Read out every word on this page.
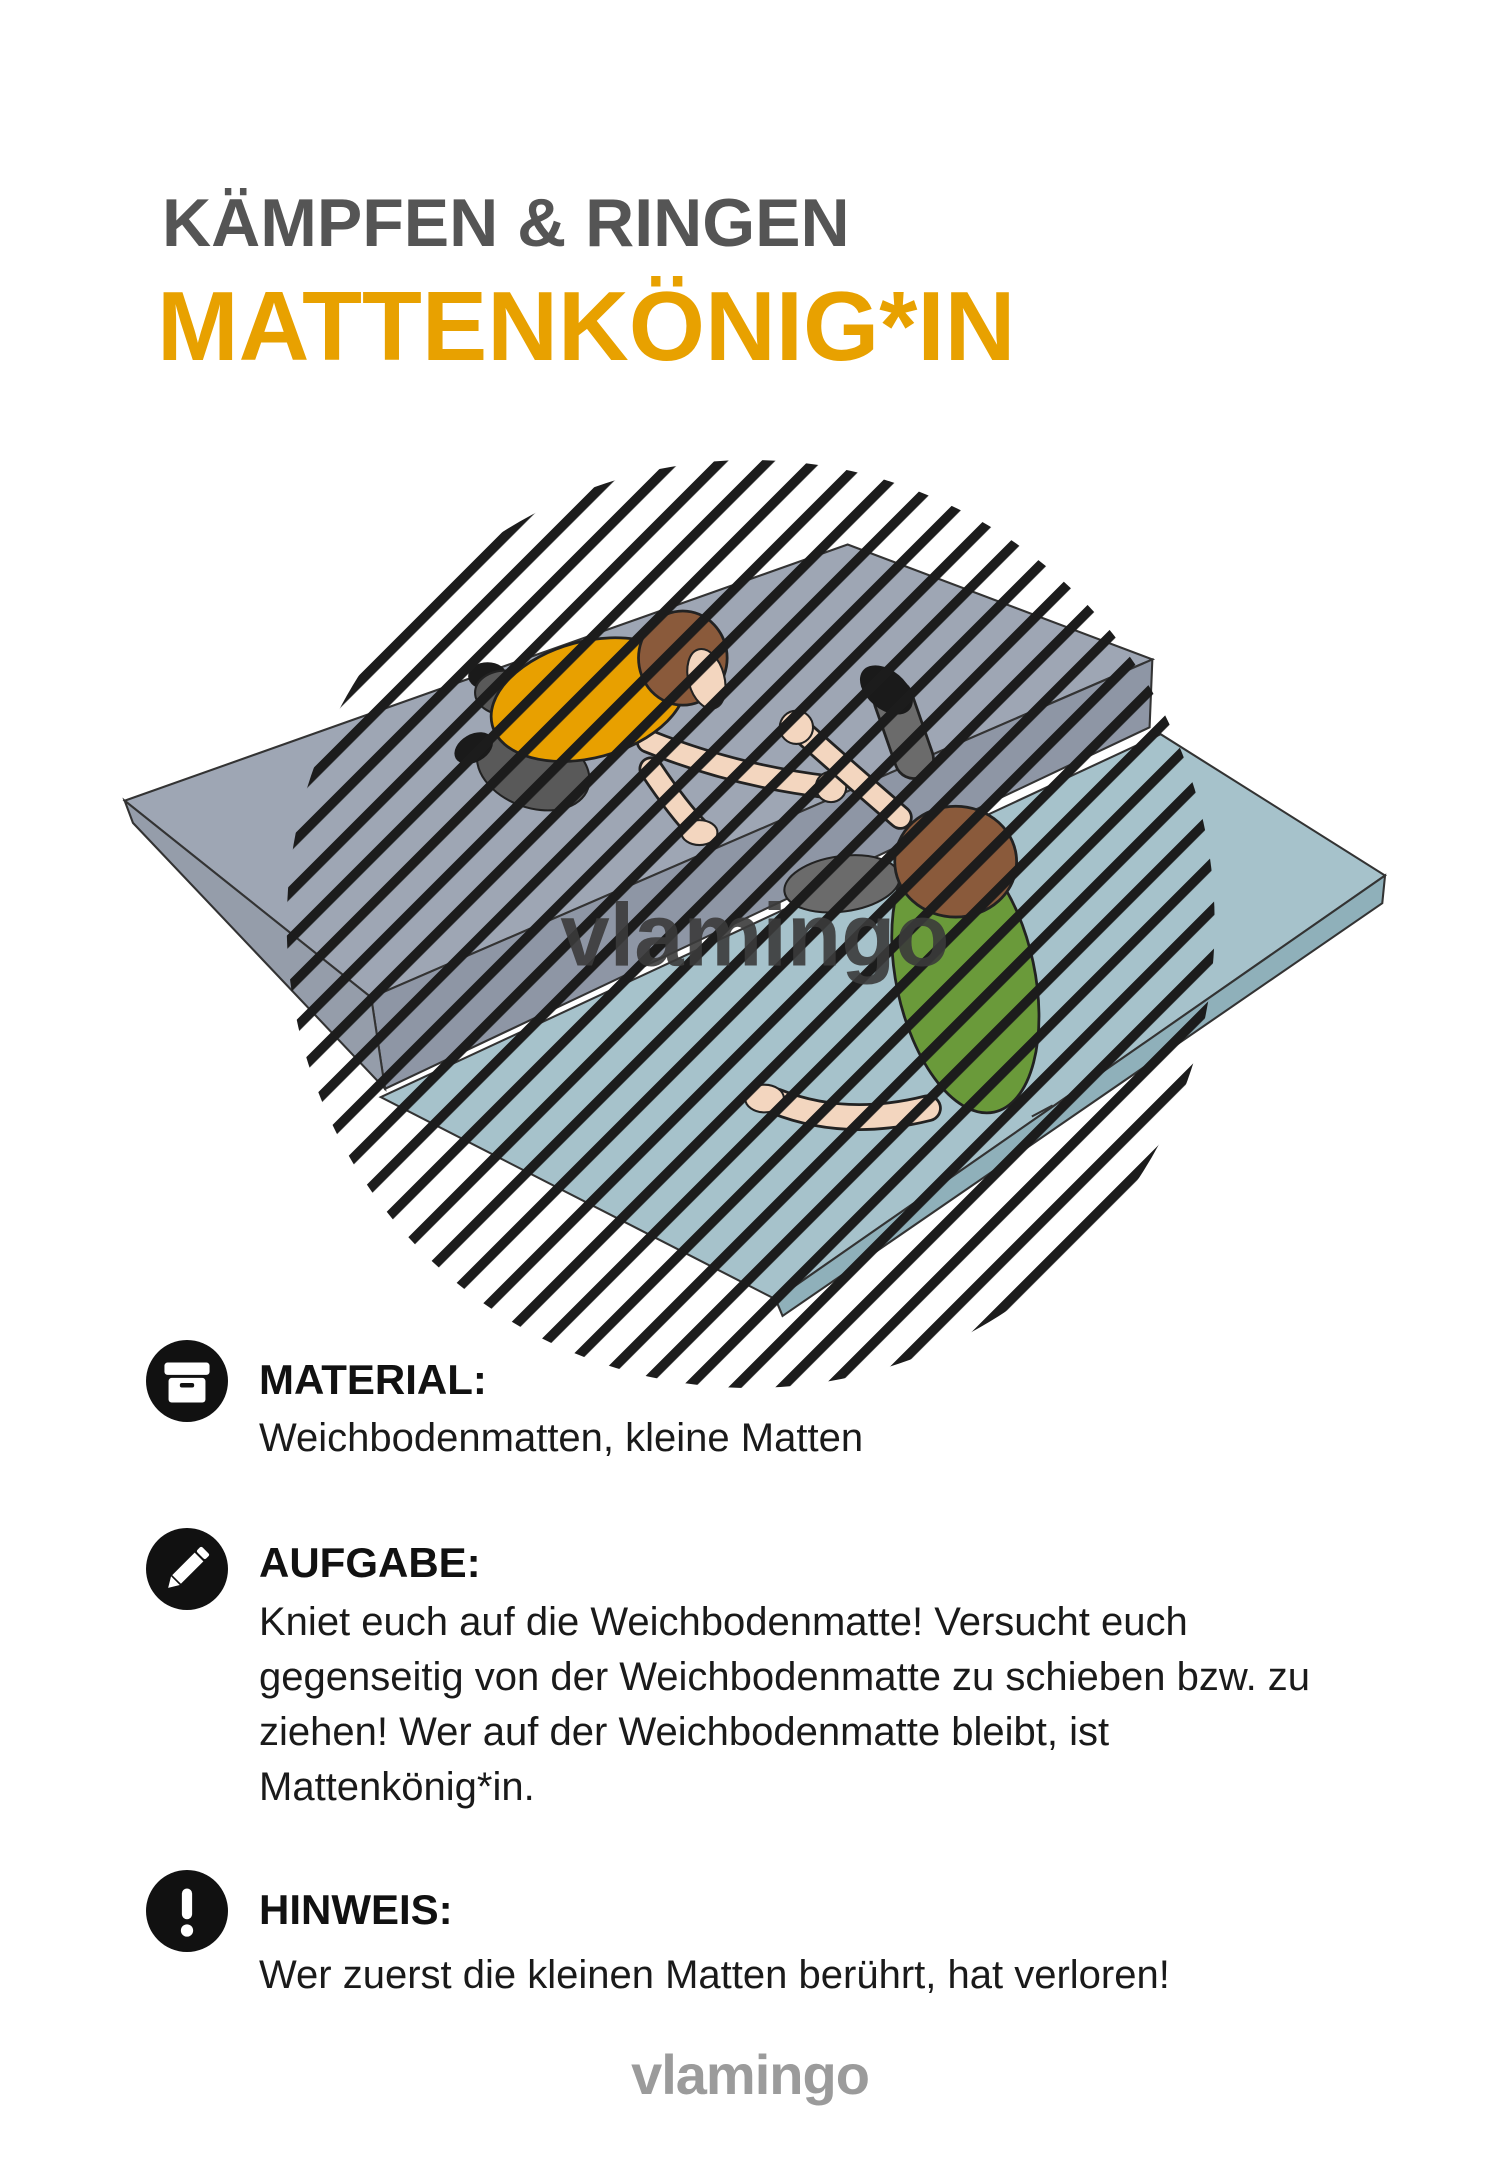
KÄMPFEN & RINGEN
MATTENKÖNIG*IN
vlamingo
MATERIAL:
Weichbodenmatten, kleine Matten
AUFGABE:
Kniet euch auf die Weichbodenmatte! Versucht euch
gegenseitig von der Weichbodenmatte zu schieben bzw. zu
ziehen! Wer auf der Weichbodenmatte bleibt, ist
Mattenkönig*in.
HINWEIS:
Wer zuerst die kleinen Matten berührt, hat verloren!
vlamingo
